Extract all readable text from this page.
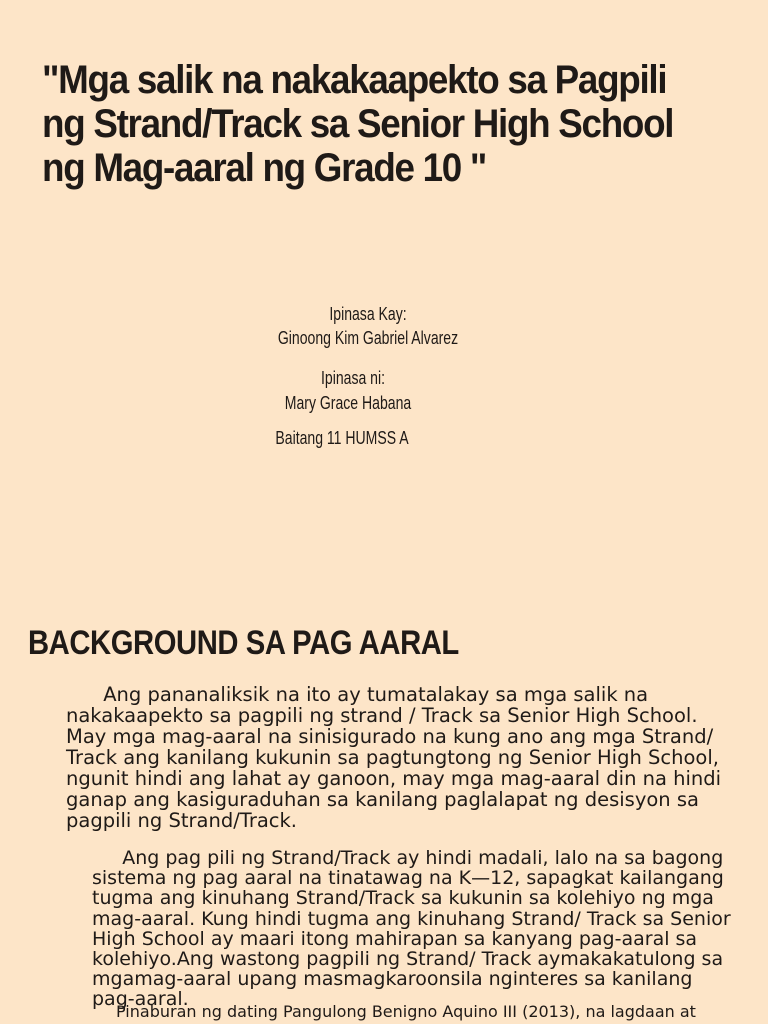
"Mga salik na nakakaapekto sa Pagpili
ng Strand/Track sa Senior High School
ng Mag-aaral ng Grade 10 "
Ipinasa Kay:
Ginoong Kim Gabriel Alvarez
Ipinasa ni:
Mary Grace Habana
Baitang 11 HUMSS A
BACKGROUND SA PAG AARAL

Ang pananaliksik na ito ay tumatalakay sa mga salik na
nakakaapekto sa pagpili ng strand / Track sa Senior High School.
May mga mag-aaral na sinisigurado na kung ano ang mga Strand/
Track ang kanilang kukunin sa pagtungtong ng Senior High School,
ngunit hindi ang lahat ay ganoon, may mga mag-aaral din na hindi
ganap ang kasiguraduhan sa kanilang paglalapat ng desisyon sa
pagpili ng Strand/Track.

Ang pag pili ng Strand/Track ay hindi madali, lalo na sa bagong
sistema ng pag aaral na tinatawag na K—12, sapagkat kailangang
tugma ang kinuhang Strand/Track sa kukunin sa kolehiyo ng mga
mag-aaral. Kung hindi tugma ang kinuhang Strand/ Track sa Senior
High School ay maari itong mahirapan sa kanyang pag-aaral sa
kolehiyo.Ang wastong pagpili ng Strand/ Track aymakakatulong sa
mgamag-aaral upang masmagkaroonsila nginteres sa kanilang
pag-aaral.

Pinaburan ng dating Pangulong Benigno Aquino III (2013), na lagdaan at
